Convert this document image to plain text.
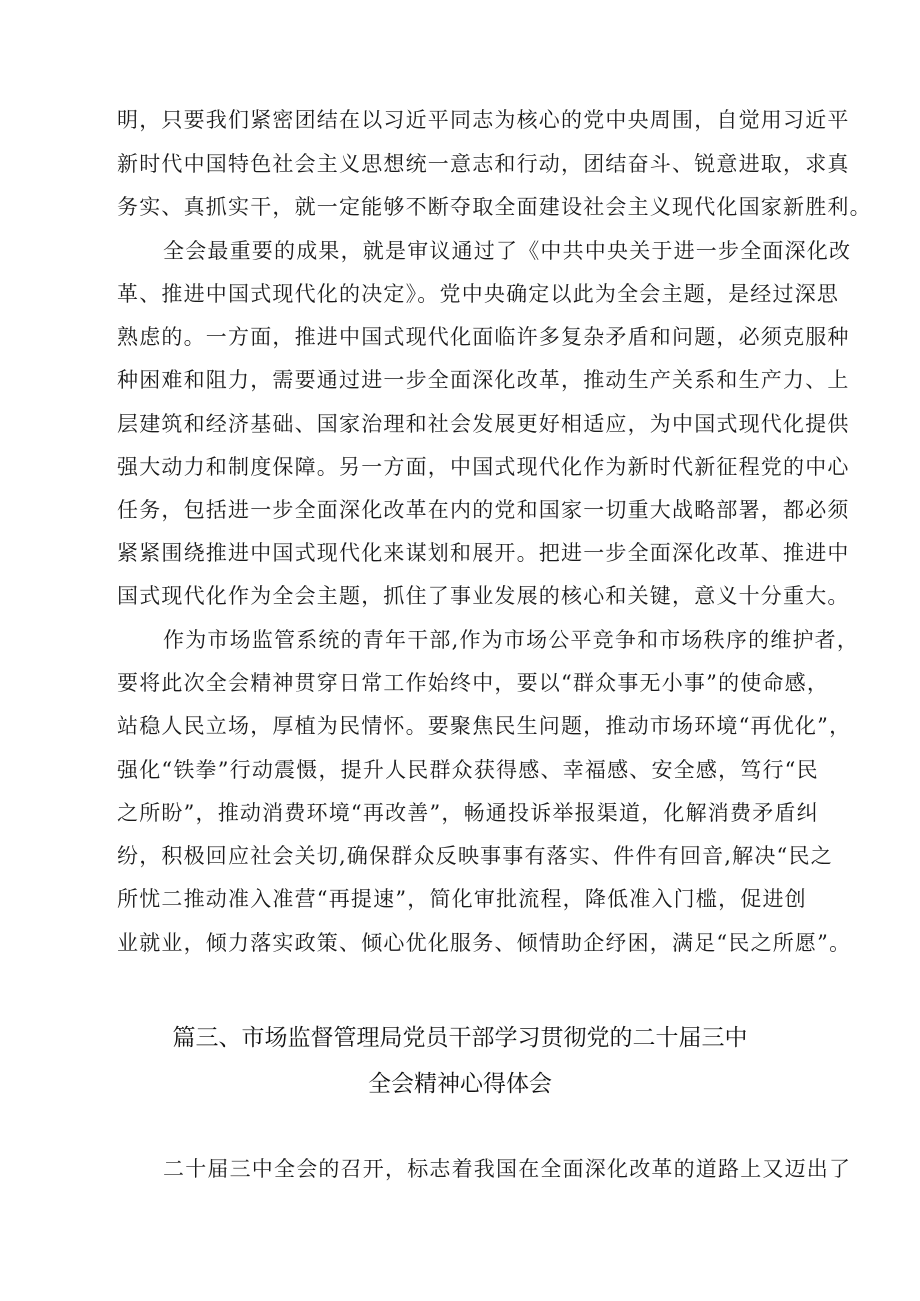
明，只要我们紧密团结在以习近平同志为核心的党中央周围，自觉用习近平
新时代中国特色社会主义思想统一意志和行动，团结奋斗、锐意进取，求真
务实、真抓实干，就一定能够不断夺取全面建设社会主义现代化国家新胜利。
全会最重要的成果，就是审议通过了《中共中央关于进一步全面深化改
革、推进中国式现代化的决定》。党中央确定以此为全会主题，是经过深思
熟虑的。一方面，推进中国式现代化面临许多复杂矛盾和问题，必须克服种
种困难和阻力，需要通过进一步全面深化改革，推动生产关系和生产力、上
层建筑和经济基础、国家治理和社会发展更好相适应，为中国式现代化提供
强大动力和制度保障。另一方面，中国式现代化作为新时代新征程党的中心
任务，包括进一步全面深化改革在内的党和国家一切重大战略部署，都必须
紧紧围绕推进中国式现代化来谋划和展开。把进一步全面深化改革、推进中
国式现代化作为全会主题，抓住了事业发展的核心和关键，意义十分重大。
作为市场监管系统的青年干部,作为市场公平竞争和市场秩序的维护者，
要将此次全会精神贯穿日常工作始终中，要以“群众事无小事”的使命感，
站稳人民立场，厚植为民情怀。要聚焦民生问题，推动市场环境“再优化”，
强化“铁拳”行动震慑，提升人民群众获得感、幸福感、安全感，笃行“民
之所盼”，推动消费环境“再改善”，畅通投诉举报渠道，化解消费矛盾纠
纷，积极回应社会关切,确保群众反映事事有落实、件件有回音,解决“民之
所忧二推动准入准营“再提速”，简化审批流程，降低准入门槛，促进创
业就业，倾力落实政策、倾心优化服务、倾情助企纾困，满足“民之所愿”。
篇三、市场监督管理局党员干部学习贯彻党的二十届三中
全会精神心得体会
二十届三中全会的召开，标志着我国在全面深化改革的道路上又迈出了
